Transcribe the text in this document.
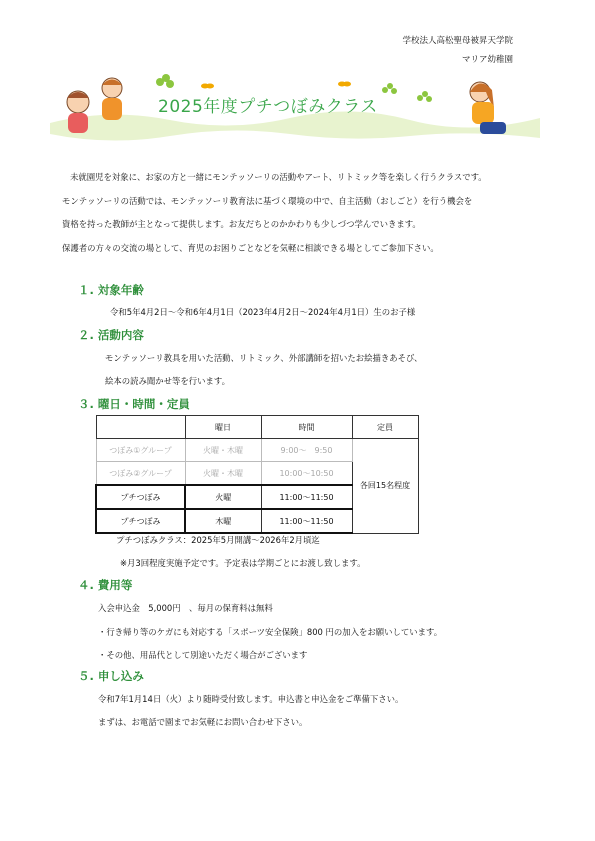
学校法人高松聖母被昇天学院
マリア幼稚園
2025年度プチつぼみクラス
未就園児を対象に、お家の方と一緒にモンテッソーリの活動やアート、リトミック等を楽しく行うクラスです。
モンテッソーリの活動では、モンテッソーリ教育法に基づく環境の中で、自主活動（おしごと）を行う機会を
資格を持った教師が主となって提供します。お友だちとのかかわりも少しづつ学んでいきます。
保護者の方々の交流の場として、育児のお困りごとなどを気軽に相談できる場としてご参加下さい。
１. 対象年齢
令和5年4月2日～令和6年4月1日（2023年4月2日～2024年4月1日）生のお子様
２. 活動内容
モンテッソーリ教具を用いた活動、リトミック、外部講師を招いたお絵描きあそび、
絵本の読み聞かせ等を行います。
３. 曜日・時間・定員
	曜日	時間	定員
つぼみ①グループ	火曜・木曜	9:00～　9:50	各回15名程度
つぼみ②グループ	火曜・木曜	10:00～10:50	
プチつぼみ	火曜	11:00～11:50	
プチつぼみ	木曜	11:00～11:50	
プチつぼみクラス：2025年5月開講～2026年2月頃迄
※月3回程度実施予定です。予定表は学期ごとにお渡し致します。
４. 費用等
入会申込金　5,000円　、毎月の保育料は無料
・行き帰り等のケガにも対応する「スポーツ安全保険」800 円の加入をお願いしています。
・その他、用品代として別途いただく場合がございます
５. 申し込み
令和7年1月14日（火）より随時受付致します。申込書と申込金をご準備下さい。
まずは、お電話で園までお気軽にお問い合わせ下さい。
